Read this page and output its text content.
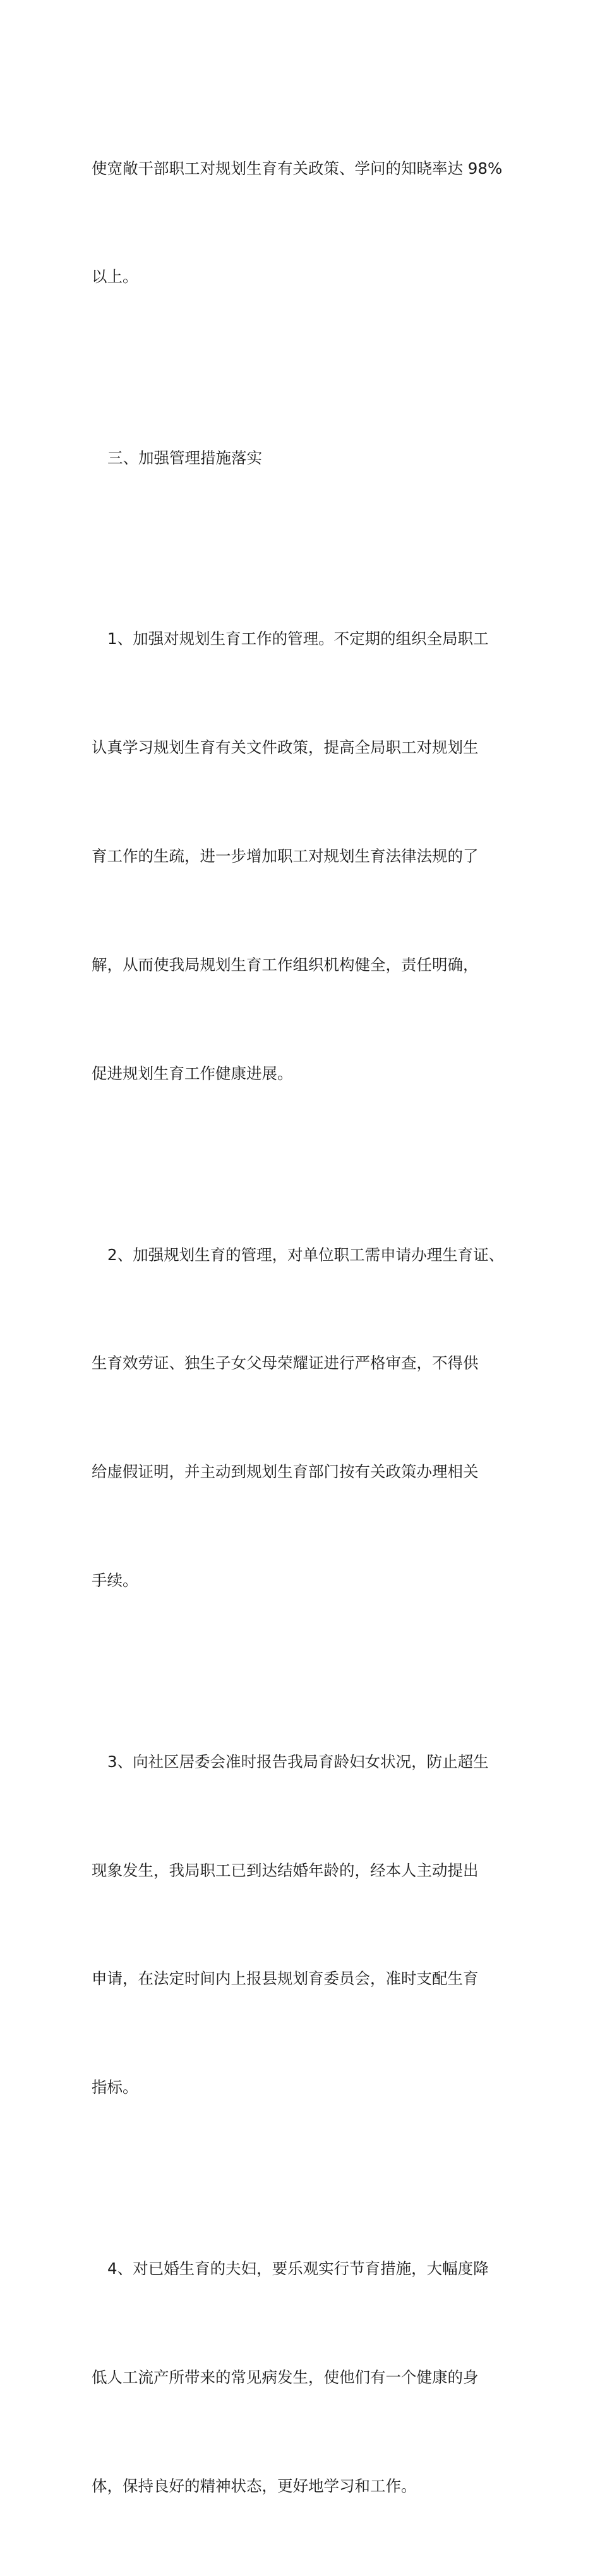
使宽敞干部职工对规划生育有关政策、学问的知晓率达 98%

以上。

三、加强管理措施落实

1、加强对规划生育工作的管理。不定期的组织全局职工

认真学习规划生育有关文件政策，提高全局职工对规划生

育工作的生疏，进一步增加职工对规划生育法律法规的了

解，从而使我局规划生育工作组织机构健全，责任明确，

促进规划生育工作健康进展。

2、加强规划生育的管理，对单位职工需申请办理生育证、

生育效劳证、独生子女父母荣耀证进行严格审查，不得供

给虚假证明，并主动到规划生育部门按有关政策办理相关

手续。

3、向社区居委会准时报告我局育龄妇女状况，防止超生

现象发生，我局职工已到达结婚年龄的，经本人主动提出

申请，在法定时间内上报县规划育委员会，准时支配生育

指标。

4、对已婚生育的夫妇，要乐观实行节育措施，大幅度降

低人工流产所带来的常见病发生，使他们有一个健康的身

体，保持良好的精神状态，更好地学习和工作。
